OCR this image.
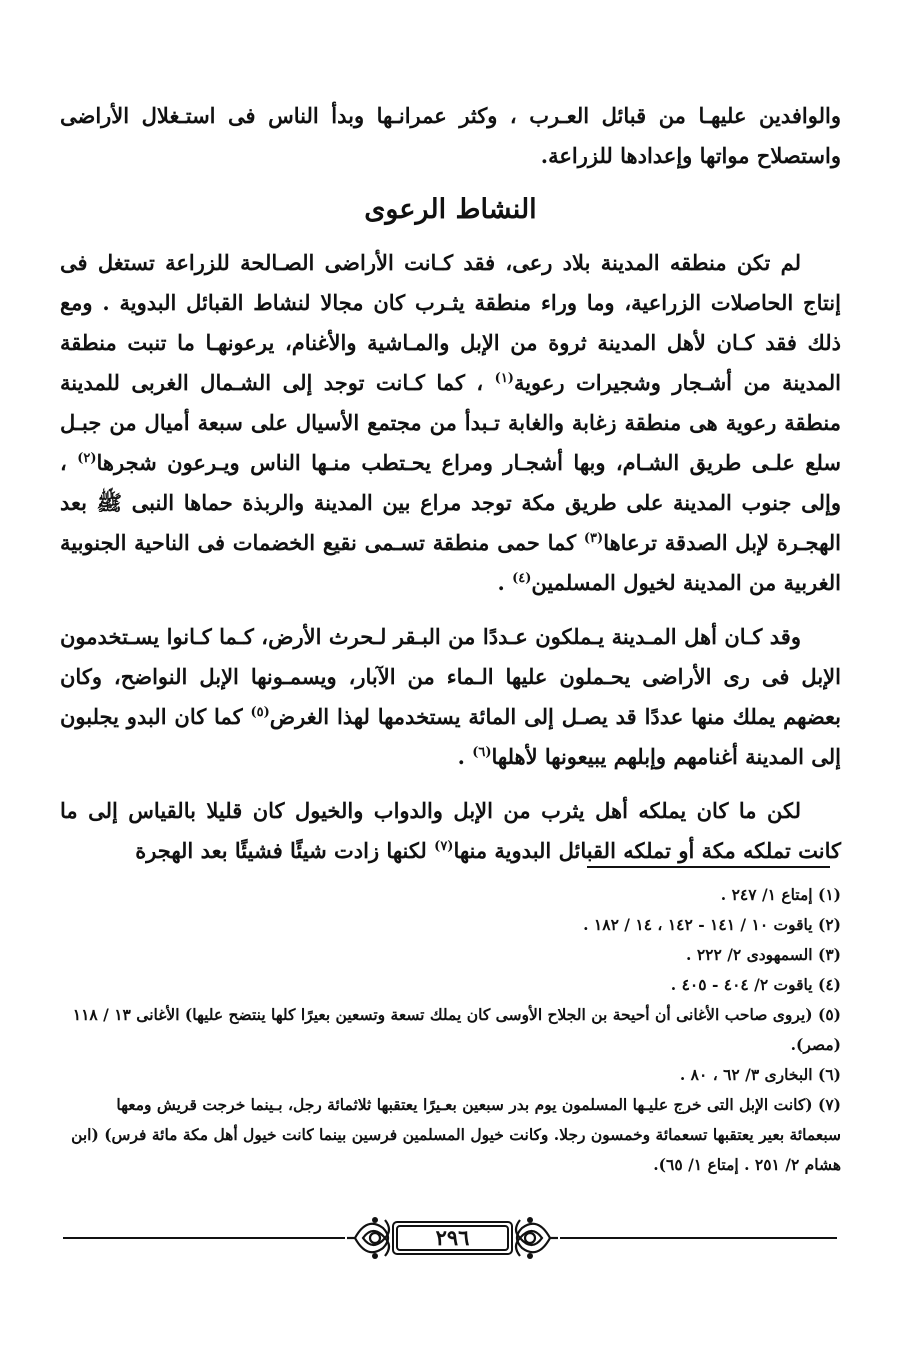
والوافدين عليهـا من قبائل العـرب ، وكثر عمرانـها وبدأ الناس فى استـغلال الأراضى واستصلاح مواتها وإعدادها للزراعة.

النشاط الرعوى

لم تكن منطقه المدينة بلاد رعى، فقد كـانت الأراضى الصـالحة للزراعة تستغل فى إنتاج الحاصلات الزراعية، وما وراء منطقة يثـرب كان مجالا لنشاط القبائل البدوية . ومع ذلك فقد كـان لأهل المدينة ثروة من الإبل والمـاشية والأغنام، يرعونهـا ما تنبت منطقة المدينة من أشـجار وشجيرات رعوية$^{(١)}$ ، كما كـانت توجد إلى الشـمال الغربى للمدينة منطقة رعوية هى منطقة زغابة والغابة تـبدأ من مجتمع الأسيال على سبعة أميال من جبـل سلع علـى طريق الشـام، وبها أشجـار ومراع يحـتطب منـها الناس ويـرعون شجرها$^{(٢)}$ ، وإلى جنوب المدينة على طريق مكة توجد مراع بين المدينة والربذة حماها النبى ﷺ بعد الهجـرة لإبل الصدقة ترعاها$^{(٣)}$ كما حمى منطقة تسـمى نقيع الخضمات فى الناحية الجنوبية الغربية من المدينة لخيول المسلمين$^{(٤)}$ .

وقد كـان أهل المـدينة يـملكون عـددًا من البـقر لـحرث الأرض، كـما كـانوا يسـتخدمون الإبل فى رى الأراضى يحـملون عليها الـماء من الآبار، ويسمـونها الإبل النواضح، وكان بعضهم يملك منها عددًا قد يصـل إلى المائة يستخدمها لهذا الغرض$^{(٥)}$ كما كان البدو يجلبون إلى المدينة أغنامهم وإبلهم يبيعونها لأهلها$^{(٦)}$ .

لكن ما كان يملكه أهل يثرب من الإبل والدواب والخيول كان قليلا بالقياس إلى ما كانت تملكه مكة أو تملكه القبائل البدوية منها$^{(٧)}$ لكنها زادت شيئًا فشيئًا بعد الهجرة

(١) إمتاع ١/ ٢٤٧ .
(٢) ياقوت ١٠ / ١٤١ - ١٤٢ ، ١٤ / ١٨٢ .
(٣) السمهودى ٢/ ٢٢٢ .
(٤) ياقوت ٢/ ٤٠٤ - ٤٠٥ .
(٥) (يروى صاحب الأغانى أن أحيحة بن الجلاح الأوسى كان يملك تسعة وتسعين بعيرًا كلها ينتضح عليها) الأغانى ١٣ / ١١٨ (مصر).
(٦) البخارى ٣/ ٦٢ ، ٨٠ .
(٧) (كانت الإبل التى خرج عليـها المسلمون يوم بدر سبعين بعـيرًا يعتقبها ثلاثمائة رجل، بـينما خرجت قريش ومعها سبعمائة بعير يعتقبها تسعمائة وخمسون رجلا. وكانت خيول المسلمين فرسين بينما كانت خيول أهل مكة مائة فرس) (ابن هشام ٢/ ٢٥١ . إمتاع ١/ ٦٥).
٢٩٦
